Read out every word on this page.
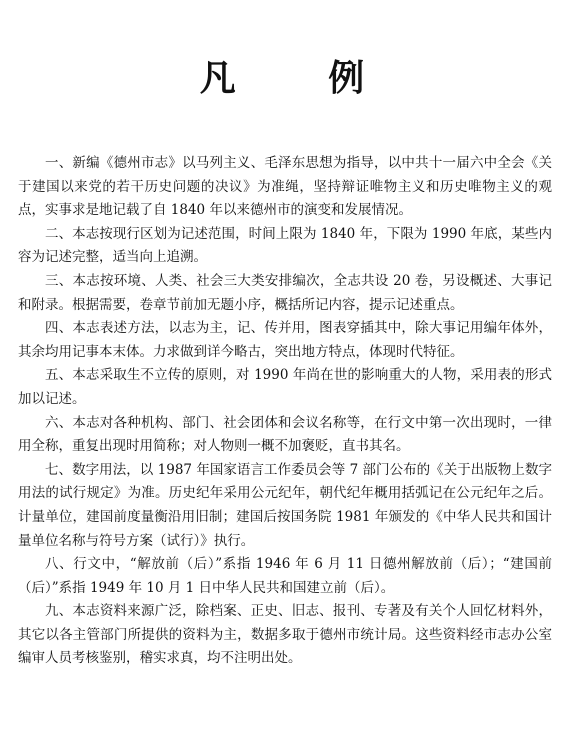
凡 例

一、新编《德州市志》以马列主义、毛泽东思想为指导，以中共十一届六中全会《关于建国以来党的若干历史问题的决议》为准绳，坚持辩证唯物主义和历史唯物主义的观点，实事求是地记载了自 1840 年以来德州市的演变和发展情况。

二、本志按现行区划为记述范围，时间上限为 1840 年，下限为 1990 年底，某些内容为记述完整，适当向上追溯。

三、本志按环境、人类、社会三大类安排编次，全志共设 20 卷，另设概述、大事记和附录。根据需要，卷章节前加无题小序，概括所记内容，提示记述重点。

四、本志表述方法，以志为主，记、传并用，图表穿插其中，除大事记用编年体外，其余均用记事本末体。力求做到详今略古，突出地方特点，体现时代特征。

五、本志采取生不立传的原则，对 1990 年尚在世的影响重大的人物，采用表的形式加以记述。

六、本志对各种机构、部门、社会团体和会议名称等，在行文中第一次出现时，一律用全称，重复出现时用简称；对人物则一概不加褒贬，直书其名。

七、数字用法，以 1987 年国家语言工作委员会等 7 部门公布的《关于出版物上数字用法的试行规定》为准。历史纪年采用公元纪年，朝代纪年概用括弧记在公元纪年之后。计量单位，建国前度量衡沿用旧制；建国后按国务院 1981 年颁发的《中华人民共和国计量单位名称与符号方案（试行）》执行。

八、行文中，“解放前（后）”系指 1946 年 6 月 11 日德州解放前（后）；“建国前（后）”系指 1949 年 10 月 1 日中华人民共和国建立前（后）。

九、本志资料来源广泛，除档案、正史、旧志、报刊、专著及有关个人回忆材料外，其它以各主管部门所提供的资料为主，数据多取于德州市统计局。这些资料经市志办公室编审人员考核鉴别，稽实求真，均不注明出处。
